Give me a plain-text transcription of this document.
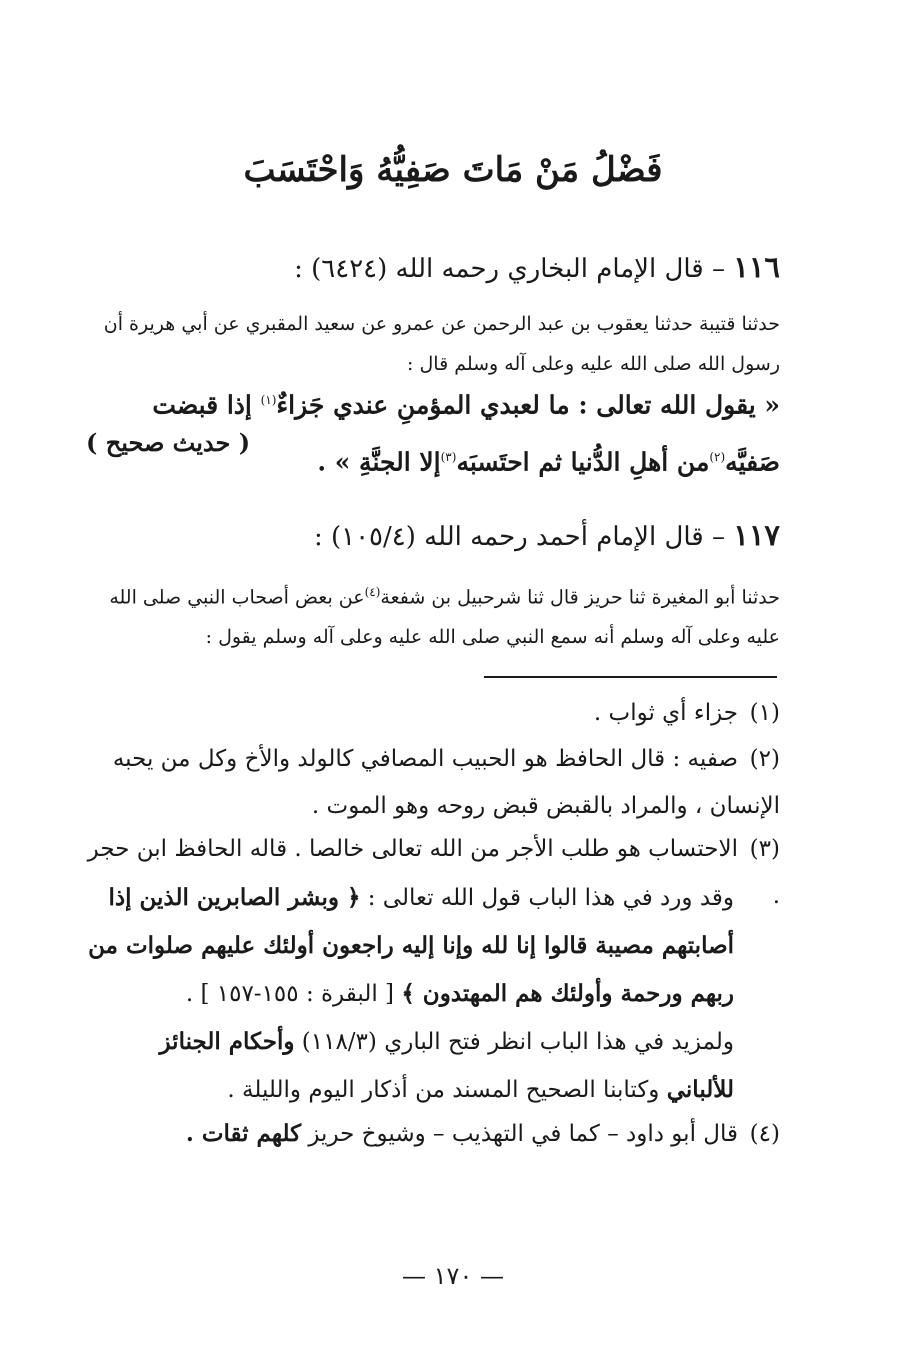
فَضْلُ مَنْ مَاتَ صَفِيُّهُ وَاحْتَسَبَ
١١٦ – قال الإمام البخاري رحمه الله (٦٤٢٤) :
حدثنا قتيبة حدثنا يعقوب بن عبد الرحمن عن عمرو عن سعيد المقبري عن أبي هريرة أن رسول الله صلى الله عليه وعلى آله وسلم قال :
« يقول الله تعالى : ما لعبدي المؤمنِ عندي جَزاءٌ$^{(١)}$ إذا قبضت صَفيَّه$^{(٢)}$من أهلِ الدُّنيا ثم احتَسبَه$^{(٣)}$إلا الجنَّةِ » .
( حديث صحيح )
١١٧ – قال الإمام أحمد رحمه الله (١٠٥/٤) :
حدثنا أبو المغيرة ثنا حريز قال ثنا شرحبيل بن شفعة$^{(٤)}$عن بعض أصحاب النبي صلى الله عليه وعلى آله وسلم أنه سمع النبي صلى الله عليه وعلى آله وسلم يقول :
(١)جزاء أي ثواب .
(٢)صفيه : قال الحافظ هو الحبيب المصافي كالولد والأخ وكل من يحبه الإنسان ، والمراد بالقبض قبض روحه وهو الموت .
(٣)الاحتساب هو طلب الأجر من الله تعالى خالصا . قاله الحافظ ابن حجر .
وقد ورد في هذا الباب قول الله تعالى : ﴿ وبشر الصابرين الذين إذا أصابتهم مصيبة قالوا إنا لله وإنا إليه راجعون أولئك عليهم صلوات من ربهم ورحمة وأولئك هم المهتدون ﴾ [ البقرة : ١٥٥-١٥٧ ] .
ولمزيد في هذا الباب انظر فتح الباري (١١٨/٣) وأحكام الجنائز للألباني وكتابنا الصحيح المسند من أذكار اليوم والليلة .
(٤)قال أبو داود – كما في التهذيب – وشيوخ حريز كلهم ثقات .
— ١٧٠ —
